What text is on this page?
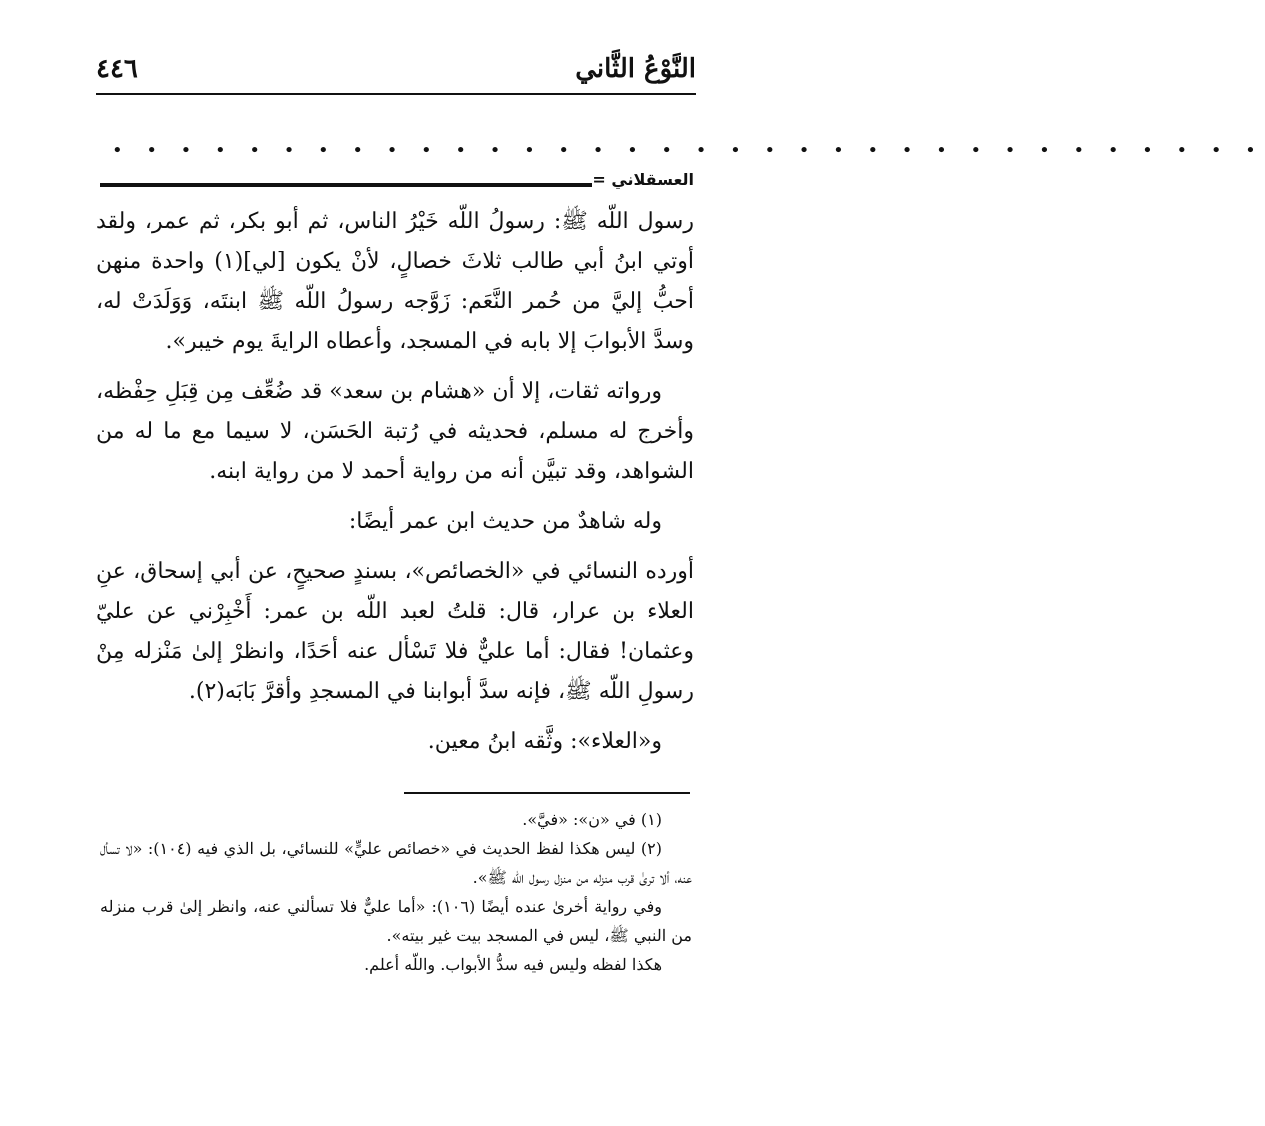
النَّوْعُ الثَّاني
٤٤٦
• • • • • • • • • • • • • • • • • • • • • • • • • • • • • • • • • •
العسقلاني =

رسول اللّه ﷺ: رسولُ اللّه خَيْرُ الناس، ثم أبو بكر، ثم عمر، ولقد أوتي ابنُ أبي طالب ثلاثَ خصالٍ، لأنْ يكون [لي](١) واحدة منهن أحبُّ إليَّ من حُمر النَّعَم: زَوَّجه رسولُ اللّه ﷺ ابنتَه، وَوَلَدَتْ له، وسدَّ الأبوابَ إلا بابه في المسجد، وأعطاه الرايةَ يوم خيبر».

ورواته ثقات، إلا أن «هشام بن سعد» قد ضُعِّف مِن قِبَلِ حِفْظه، وأخرج له مسلم، فحديثه في رُتبة الحَسَن، لا سيما مع ما له من الشواهد، وقد تبيَّن أنه من رواية أحمد لا من رواية ابنه.

وله شاهدٌ من حديث ابن عمر أيضًا:

أورده النسائي في «الخصائص»، بسندٍ صحيحٍ، عن أبي إسحاق، عنِ العلاء بن عرار، قال: قلتُ لعبد اللّه بن عمر: أَخْبِرْني عن عليّ وعثمان! فقال: أما عليٌّ فلا تَسْأل عنه أحَدًا، وانظرْ إلىٰ مَنْزله مِنْ رسولِ اللّه ﷺ، فإنه سدَّ أبوابنا في المسجدِ وأقرَّ بَابَه(٢).

و«العلاء»: وثَّقه ابنُ معين.

(١) في «ن»: «فيَّ».

(٢) ليس هكذا لفظ الحديث في «خصائص عليٍّ» للنسائي، بل الذي فيه (١٠٤): «لا تسأل عنه، ألا ترىٰ قرب منزله من منزل رسول اللّه ﷺ».

وفي رواية أخرىٰ عنده أيضًا (١٠٦): «أما عليٌّ فلا تسألني عنه، وانظر إلىٰ قرب منزله من النبي ﷺ، ليس في المسجد بيت غير بيته».

هكذا لفظه وليس فيه سدُّ الأبواب. واللّه أعلم.
